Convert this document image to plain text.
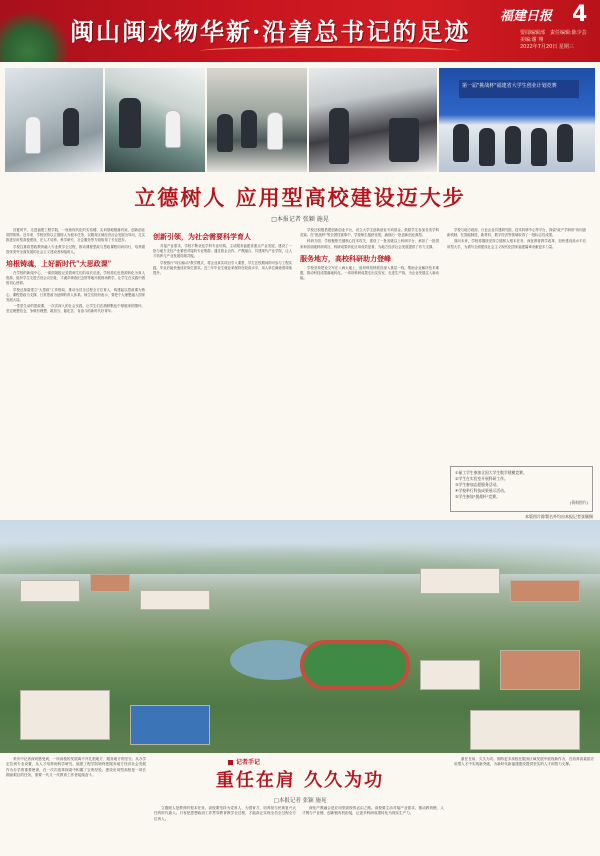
闽山闽水物华新·沿着总书记的足迹
福建日报 4
要闻编辑部　责任编辑:陈少芸
美编:谢 翔
2022年7月20日 星期三
第一届"挑战杯"福建省大学生创业计划竞赛
立德树人 应用型高校建设迈大步
□本报记者 张颖 施晃

初夏时节，走进福建工程学院，一座座现代化的实验楼、实训基地错落有致，创新创业氛围浓厚。近年来，学校坚持以立德树人为根本任务，以服务区域经济社会发展为导向，扎实推进应用型高校建设，在人才培养、科学研究、社会服务等方面取得了长足进步。

学校注重将思政教育融入专业教学全过程，推动课程思政与思政课程同向同行，培养德智体美劳全面发展的社会主义建设者和接班人。

培根铸魂，上好新时代"大思政课"

在学校的新闻中心，一面面展板记录着师生们的成长足迹。学校将红色资源转化为育人资源，组织学生走进古田会议旧址、才溪乡调查纪念馆等地开展现场教学，让学生在实践中感悟初心使命。

学校还探索建立"大思政"工作格局，推动全员全过程全方位育人，构建起以思政课为核心、课程思政为支撑、日常思政为延伸的育人体系。师生们纷纷表示，要把个人理想融入国家发展大局。

一堂堂生动的思政课、一次次深入的社会实践，让学生们在潜移默化中厚植家国情怀，坚定理想信念，争做有理想、敢担当、能吃苦、肯奋斗的新时代好青年。

创新引领，为社会需要科学育人

对接产业需求，学校不断优化学科专业结构，主动服务福建省重点产业发展，建设了一批与地方支柱产业紧密对接的专业集群。通过校企合作、产教融合，共建现代产业学院，让人才培养与产业发展同频共振。

学校推行"项目驱动"教学模式，将企业真实项目引入课堂，学生在校期间即可参与工程实践，毕业后能快速适应岗位需求。近三年毕业生就业率保持在较高水平，用人单位满意度持续提升。

学校还积极搭建创新创业平台，设立大学生创新创业专项基金，鼓励学生参加各类学科竞赛。在"挑战杯"等全国性赛事中，学校师生屡获佳绩，涌现出一批创新创业典型。

科研方面，学校聚焦关键核心技术攻关，建设了一批省级以上科研平台，承担了一批国家和省部级科研项目，科研成果转化应用成效显著，为地方经济社会发展提供了有力支撑。

服务地方，高校科研助力登峰

学校坚持把论文写在八闽大地上，组织科技特派员深入基层一线，帮助企业解决技术难题，推动科技成果落地转化。一项项科研成果走出实验室，走进生产线，为企业发展注入新动能。

学校与地方政府、行业企业共建研究院、技术转移中心等平台，探索"政产学研用"协同创新机制，在智能制造、新材料、数字经济等领域取得了一批标志性成果。

面向未来，学校将继续坚持立德树人根本任务，深化教育教学改革，加快建设高水平应用型大学，为谱写全面建设社会主义现代化国家福建篇章贡献更多力量。

①福工学生参加全国大学生数学建模竞赛。
②学生在实验室开展科研工作。
③学生参加志愿服务活动。
④学校举行科技成果展示活动。
⑤学生参加"挑战杯"竞赛。
(资料图片)
本版图片除署名外均由本报记者张颖摄

采访中记者深切感受到，一所高校的发展离不开扎根地方、服务地方的坚守。从办学定位到专业设置，从人才培养到科学研究，福建工程学院始终把服务地方经济社会发展作为办学的重要使命，在一次次改革探索中积累了宝贵经验。建设应用型高校是一项长期而艰巨的任务，需要一代又一代教育工作者接续奋斗。

记者手记
重任在肩 久久为功
□本报记者 张颖 施晃

立德树人是教育的根本任务。高校要坚持为党育人、为国育才，培养担当民族复兴大任的时代新人。只有把思想政治工作贯穿教育教学全过程，才能真正实现全员全过程全方位育人。

深化产教融合是应用型高校的必由之路。高校要主动对接产业需求，推动教育链、人才链与产业链、创新链有机衔接，让更多科研成果转化为现实生产力。

重任在肩，久久为功。期待更多高校在服务区域发展中展现新作为，在培养高素质应用型人才中实现新突破，为新时代新福建建设提供坚实的人才和智力支撑。
